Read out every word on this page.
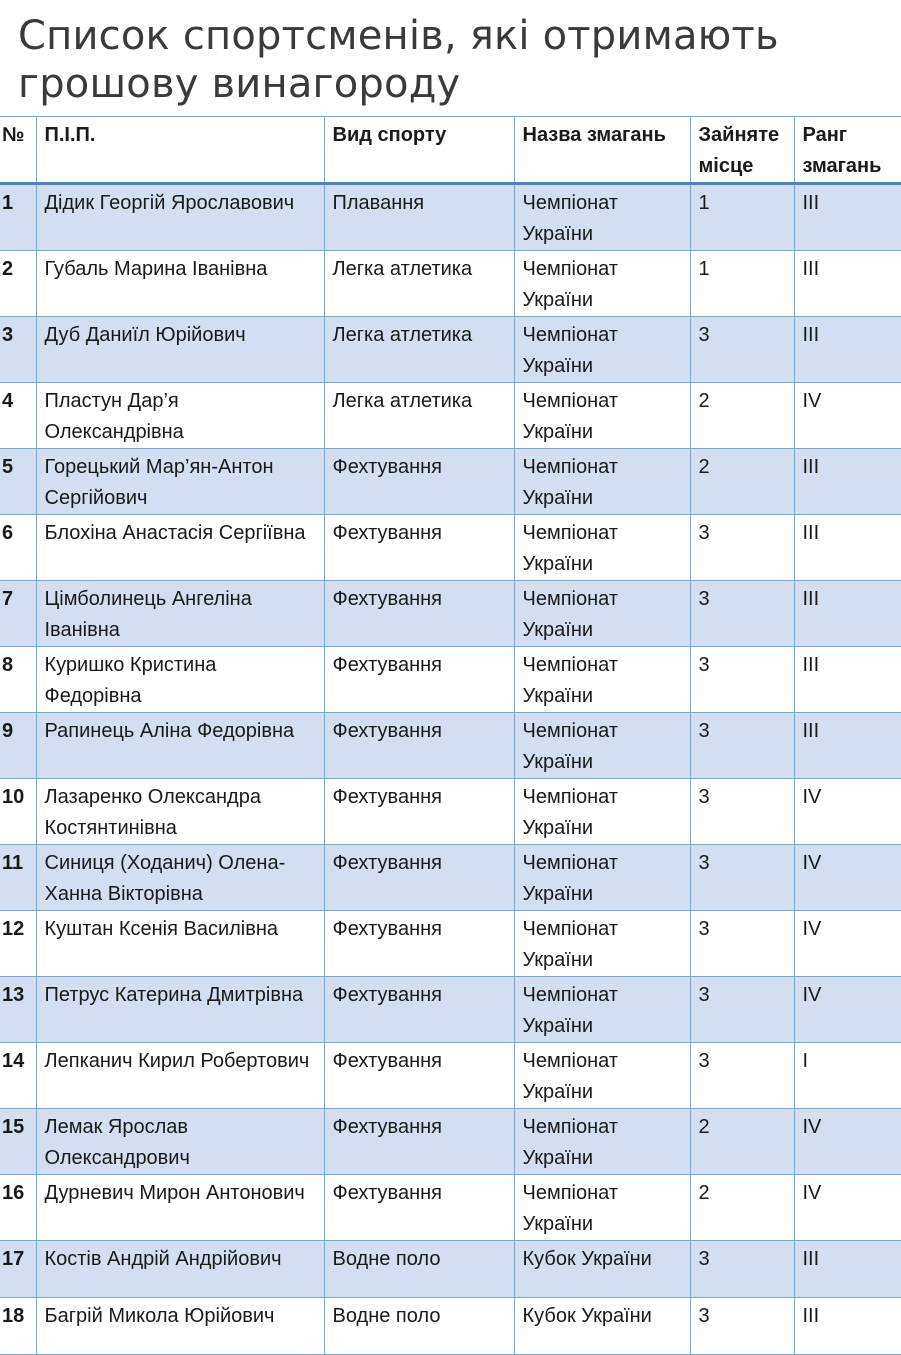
Список спортсменів, які отримають грошову винагороду
№	П.І.П.	Вид спорту	Назва змагань	Зайняте місце	Ранг змагань
1	Дідик Георгій Ярославович	Плавання	Чемпіонат України	1	III
2	Губаль Марина Іванівна	Легка атлетика	Чемпіонат України	1	III
3	Дуб Даниїл Юрійович	Легка атлетика	Чемпіонат України	3	III
4	Пластун Дар’я Олександрівна	Легка атлетика	Чемпіонат України	2	IV
5	Горецький Мар’ян-Антон Сергійович	Фехтування	Чемпіонат України	2	III
6	Блохіна Анастасія Сергіївна	Фехтування	Чемпіонат України	3	III
7	Цімболинець Ангеліна Іванівна	Фехтування	Чемпіонат України	3	III
8	Куришко Кристина Федорівна	Фехтування	Чемпіонат України	3	III
9	Рапинець Аліна Федорівна	Фехтування	Чемпіонат України	3	III
10	Лазаренко Олександра Костянтинівна	Фехтування	Чемпіонат України	3	IV
11	Синиця (Ходанич) Олена-Ханна Вікторівна	Фехтування	Чемпіонат України	3	IV
12	Куштан Ксенія Василівна	Фехтування	Чемпіонат України	3	IV
13	Петрус Катерина Дмитрівна	Фехтування	Чемпіонат України	3	IV
14	Лепканич Кирил Робертович	Фехтування	Чемпіонат України	3	I
15	Лемак Ярослав Олександрович	Фехтування	Чемпіонат України	2	IV
16	Дурневич Мирон Антонович	Фехтування	Чемпіонат України	2	IV
17	Костів Андрій Андрійович	Водне поло	Кубок України	3	III
18	Багрій Микола Юрійович	Водне поло	Кубок України	3	III
